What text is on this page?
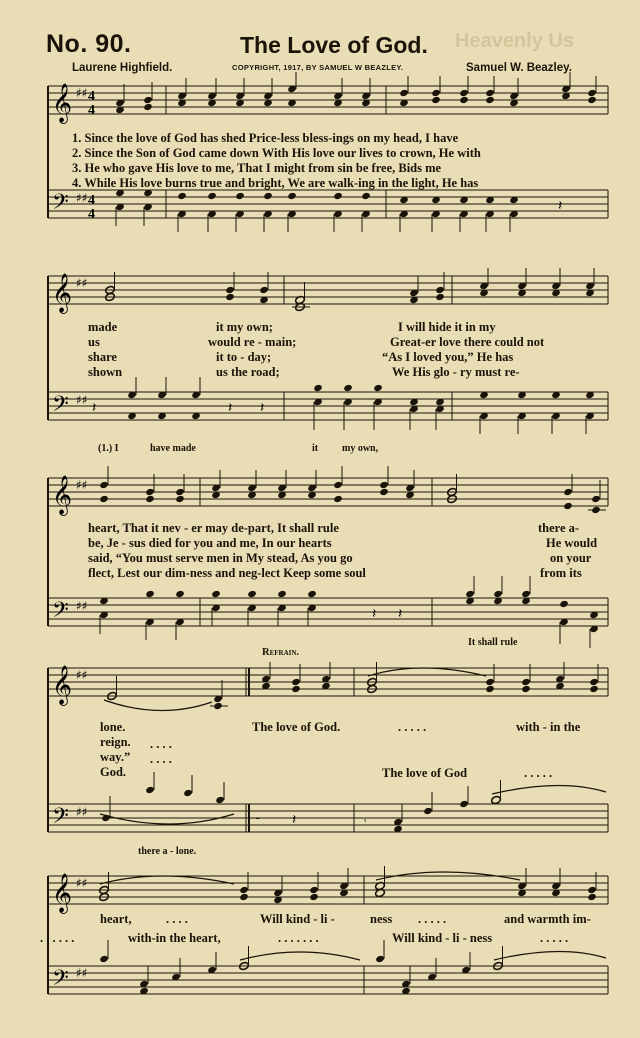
No. 90.	The Love of God. Heavenly Us
Laurene Highfield.	COPYRIGHT, 1917, BY SAMUEL W BEAZLEY.	Samuel W. Beazley.
𝄞
𝄢
♯♯
♯♯
4
4
4
4
𝄽
𝄞
𝄢
♯♯
♯♯ 𝄽	𝄽 𝄽
𝄞
𝄢
♯♯
♯♯	𝄽 𝄽
𝄞
𝄢
♯♯
♯♯
𝄼 𝄽	𝄾
𝄞
𝄢
♯♯
♯♯
1. Since the love of God has shed Price-less bless-ings on my head, I have
2. Since the Son of God came down With His love our lives to crown, He with
3. He who gave His love to me, That I might from sin be free, Bids me
4. While His love burns true and bright, We are walk-ing in the light, He has
made	it my own;	I will hide it in my
us	would re - main;	Great-er love there could not
share	it to - day;	“As I loved you,” He has
shown	us the road;	We His glo - ry must re-
(1.) I	have made	it my own,
heart, That it nev - er may de-part, It shall rule	there a-
be, Je - sus died for you and me, In our hearts	He would
said, “You must serve men in My stead, As you go	on your
flect, Lest our dim-ness and neg-lect Keep some soul	from its
It shall rule
Refrain.
lone.
reign.
way.”
God.
. . . .
. . . .
The love of God.	. . . . .	with - in the
The love of God	. . . . .
there a - lone.
heart,	. . . .	Will kind - li -	ness . . . . .	and warmth im-
. . . . . .	with-in the heart,	. . . . . . .	Will kind - li - ness	. . . . .
